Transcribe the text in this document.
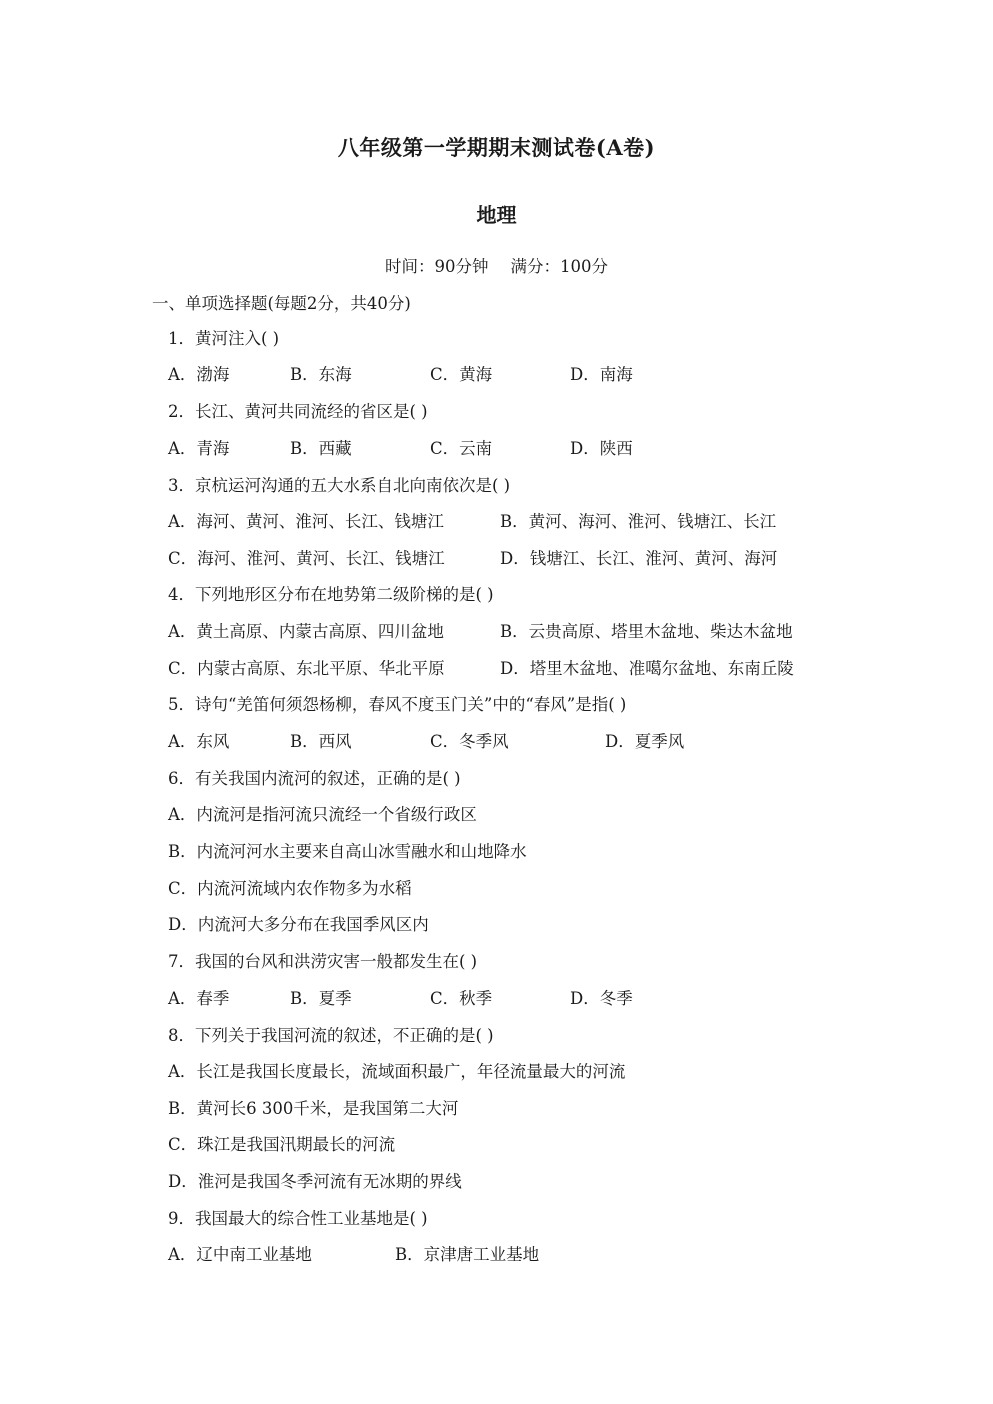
八年级第一学期期末测试卷(A卷)
地理
时间：90分钟 满分：100分
一、单项选择题(每题2分，共40分)
1．黄河注入( )
A．渤海	B．东海	C．黄海	D．南海
2．长江、黄河共同流经的省区是( )
A．青海	B．西藏	C．云南	D．陕西
3．京杭运河沟通的五大水系自北向南依次是( )
A．海河、黄河、淮河、长江、钱塘江	B．黄河、海河、淮河、钱塘江、长江
C．海河、淮河、黄河、长江、钱塘江	D．钱塘江、长江、淮河、黄河、海河
4．下列地形区分布在地势第二级阶梯的是( )
A．黄土高原、内蒙古高原、四川盆地	B．云贵高原、塔里木盆地、柴达木盆地
C．内蒙古高原、东北平原、华北平原	D．塔里木盆地、准噶尔盆地、东南丘陵
5．诗句“羌笛何须怨杨柳，春风不度玉门关”中的“春风”是指( )
A．东风	B．西风	C．冬季风	D．夏季风
6．有关我国内流河的叙述，正确的是( )
A．内流河是指河流只流经一个省级行政区
B．内流河河水主要来自高山冰雪融水和山地降水
C．内流河流域内农作物多为水稻
D．内流河大多分布在我国季风区内
7．我国的台风和洪涝灾害一般都发生在( )
A．春季	B．夏季	C．秋季	D．冬季
8．下列关于我国河流的叙述，不正确的是( )
A．长江是我国长度最长，流域面积最广，年径流量最大的河流
B．黄河长6 300千米，是我国第二大河
C．珠江是我国汛期最长的河流
D．淮河是我国冬季河流有无冰期的界线
9．我国最大的综合性工业基地是( )
A．辽中南工业基地	B．京津唐工业基地
